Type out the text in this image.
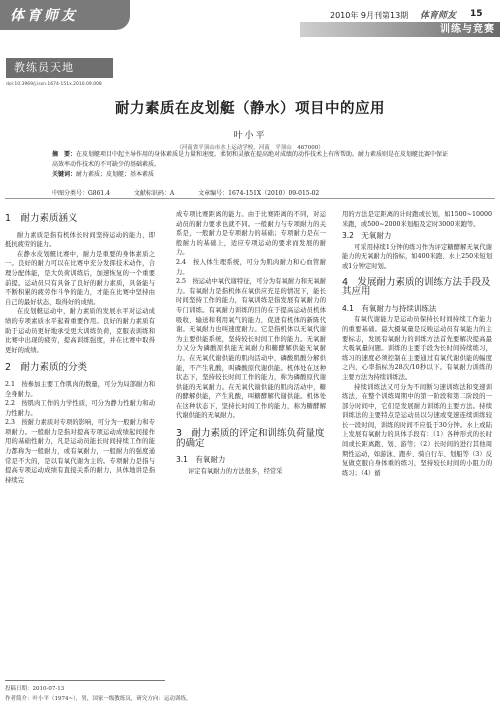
体育师友	2010年 9月刊第13期 体育师友 15
训练与竞赛
教练员天地
doi:10.3969/j.issn.1674-151x.2010.09.008
耐力素质在皮划艇（静水）项目中的应用
叶小平
（河南省平顶山市水上运动学校，河南　平顶山　467000）

摘　要：在皮划艇项目中起主导作用的身体素质是力量和速度。柔韧和灵敏在提高绝对成绩的动作技术上有所帮助。耐力素质则是在皮划艇比赛中保证高效率动作技术的不可缺少的基础素质。

关键词：耐力素质；皮划艇；基本素质

中图分类号：G861.4	文献标识码：A	文章编号：1674-151X（2010）09-015-02
1　耐力素质涵义

耐力素质是指有机体长时间坚持运动的能力，即抵抗疲劳的能力。

在静水皮划艇比赛中，耐力是重要的身体素质之一。良好的耐力可以在比赛中充分发挥技术动作，合理分配体能，是大负荷训练后，加速恢复的一个重要前提。运动员只有具备了良好的耐力素质，具备能与不断积累的疲劳作斗争的能力，才能在比赛中坚持由自己的最好状态，取得好的成绩。

在皮划艇运动中，耐力素质的发展水平对运动成绩的专项素质水平起着重要作用。良好的耐力素质有助于运动员更好地承受更大训练负荷，克服表训练和比赛中出现的疲劳，提高训练强度，并在比赛中取得更好的成绩。

2　耐力素质的分类

2.1　按参加主要工作肌肉的数量，可分为局部耐力和全身耐力。

2.2　按肌肉工作的力学性质，可分为静力性耐力和动力性耐力。

2.3　按耐力素质对专项的影响，可分为一般耐力和专项耐力。一般耐力是指对提高专项运动成绩起间接作用的基础性耐力，凡是运动员能长时间持续工作的能力都称为一般耐力，或有氧耐力，一般耐力的强度通常是不大的，是以有氧代谢为主的。专项耐力是指与提高专项运动成绩有直接关系的耐力，具体地讲是指持续完

成专项比赛距离的能力。由于比赛距离的不同，对运动员的耐力要求也就不同。一般耐力与专项耐力的关系是，一般耐力是专项耐力的基础；专项耐力是在一般耐力的基础上，适应专项运动的要求而发展的耐力。

2.4　按人体生理系统，可分为肌肉耐力和心血管耐力。

2.5　按运动中氧代谢特征，可分为有氧耐力和无氧耐力。有氧耐力是指机体在氧供应充足的情况下，能长时间坚持工作的能力，有氧训练是指发展有氧耐力的专门训练。有氧耐力训练的目的在于提高运动员机体吸收、输送和利用氧气的能力，促进有机体的新陈代谢。无氧耐力也叫速度耐力。它是指机体以无氧代谢为主要供能系统，坚持较长时间工作的能力。无氧耐力又分为磷酸原供能无氧耐力和糖酵解供能无氧耐力。在无氧代谢供能的肌肉活动中，磷酸肌酸分解供能，不产生乳酸，叫磷酸原代谢供能。机体处在这种状态下，坚持较长时间工作的能力，称为磷酸原代谢供能的无氧耐力。在无氧代谢供能的肌肉活动中，糖的酵解供能，产生乳酸，叫糖酵解代谢供能。机体处在这种状态下，坚持长时间工作的能力，称为糖酵解代谢供能的无氧耐力。

3　耐力素质的评定和训练负荷量度的确定
3.1　有氧耐力

评定有氧耐力的方法很多，经常采

用的方法是定距离的计时跑或长划，如1500~10000米跑，或500~2000米划船及定时3000米跑等。

3.2　无氧耐力

可采用持续1分钟的练习作为评定糖酵解无氧代谢能力的无氧耐力的指标，如400米跑、水上250米短划或1分钟定时划。

4　发展耐力素质的训练方法手段及其应用
4.1　有氧耐力与持续训练法

有氧代谢能力是运动员保持长时间持续工作能力的重要基础。最大摄氧量是反映运动员有氧能力的主要标志，发展有氧耐力的训练方法首先要解决提高最大吸氧量问题。训练的主要手段为长时间持续练习，练习的速度必须控制在主要通过有氧代谢供能的幅度之内，心率指标为28次/10秒以下。有氧耐力训练的主要方法为持续训练法。

持续训练法又可分为不间断匀速训练法和变速训练法，在整个训练周期中的第一阶段和第二阶段的一部分时间中，它们是发展耐力训练的主要方法。持续训练法的主要特点是运动员以匀速或变速连续训练较长一段时间，训练的时间不应低于30分钟。水上或陆上发展有氧耐力的具体手段有：（1）各种形式的长时间或长距离跑、划、游等；（2）长时间的进行其他周期性运动，如游泳、跑步、骑自行车、划船等（3）反复做克服自身体重的练习，坚持较长时间的小阻力的练习；（4）循

投稿日期：2010-07-13
作者简介：叶小平（1974~），男，国家一级教练员，研究方向：运动训练。
